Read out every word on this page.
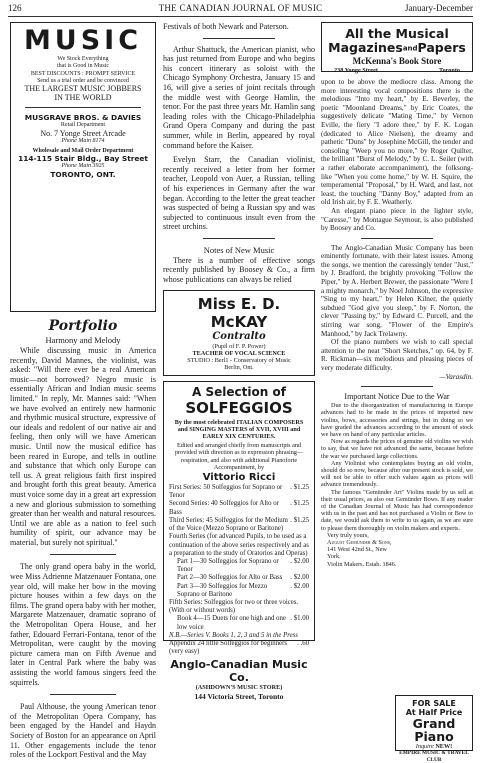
126	THE CANADIAN JOURNAL OF MUSIC	January-December
MUSIC
We Stock Everything
that is Good in Music
BEST DISCOUNTS : PROMPT SERVICE
Send us a trial order and be convinced
THE LARGEST MUSIC JOBBERS
IN THE WORLD
MUSGRAVE BROS. & DAVIES
Retail Department
No. 7 Yonge Street Arcade
Phone Main 8174
Wholesale and Mail Order Department
114-115 Stair Bldg., Bay Street
Phone Main 3925
TORONTO, ONT.
Portfolio
Harmony and Melody

While discussing music in America recently, David Mannes, the violinist, was asked: "Will there ever be a real American music—not borrowed? Negro music is essentially African and Indian music seems limited." In reply, Mr. Mannes said: "When we have evolved an entirely new harmonic and rhythmic musical structure, expressive of our ideals and redolent of our native air and feeling, then only will we have American music. Until now the musical edifice has been reared in Europe, and tells in outline and substance that which only Europe can tell us. A great religious faith first inspired and brought forth this great beauty. America must voice some day in a great art expression a new and glorious submission to something greater than her wealth and natural resources. Until we are able as a nation to feel such humility of spirit, our advance may be material, but surely not spiritual."

The only grand opera baby in the world, wee Miss Adrienne Matzenauer Fontana, one year old, will make her bow in the moving picture houses within a few days on the films. The grand opera baby with her mother, Margarete Matzenauer, dramatic soprano of the Metropolitan Opera House, and her father, Edouard Ferrari-Fontana, tenor of the Metropolitan, were caught by the moving picture camera man on Fifth Avenue and later in Central Park where the baby was assisting the world famous singers feed the squirrels.

Paul Althouse, the young American tenor of the Metropolitan Opera Company, has been engaged by the Handel and Haydn Society of Boston for an appearance on April 11. Other engagements include the tenor roles of the Lockport Festival and the May

Festivals of both Newark and Paterson.

Arthur Shattuck, the American pianist, who has just returned from Europe and who begins his concert itinerary as soloist with the Chicago Symphony Orchestra, January 15 and 16, will give a series of joint recitals through the middle west with George Hamlin, the tenor. For the past three years Mr. Hamlin sang leading roles with the Chicago-Philadelphia Grand Opera Company and during the past summer, while in Berlin, appeared by royal command before the Kaiser.

Evelyn Starr, the Canadian violinist, recently received a letter from her former teacher, Leopold von Auer, a Russian, telling of his experiences in Germany after the war began. According to the letter the great teacher was suspected of being a Russian spy and was subjected to continuous insult even from the street urchins.

Notes of New Music

There is a number of effective songs recently published by Boosey & Co., a firm whose publications can always be relied

Miss E. D. McKAY
Contralto
(Pupil of F. P. Power)
TEACHER OF VOCAL SCIENCE
STUDIO : Berl1 - Conservatory of Music
Berlin, Ont.
A Selection of
SOLFEGGIOS
By the most celebrated ITALIAN COMPOSERS and SINGING MASTERS of XVII, XVIII and EARLY XIX CENTURIES.
Edited and arranged chiefly from manuscripts and provided with direction as to expression phrasing—respiration, and also with additional Pianoforte Accompaniment, by
Vittorio Ricci
First Series: 50 Solfeggios for Soprano or Tenor
. $1.25
Second Series: 40 Solfeggios for Alto or Bass
. $1.25
Third Series: 45 Solfeggios for the Medium of the Voice (Mezzo Soprano or Baritone)
. $1.25
Fourth Series (for advanced Pupils, to be used as a continuation of the above series respectively and as a preparation to the study of Oratorios and Operas)
Part 1—30 Solfeggios for Soprano or Tenor
. $2.00
Part 2—30 Solfeggios for Alto or Bass . $2.00
Part 3—30 Solfeggios for Mezzo Soprano or Baritone
. $2.00
Fifth Series: Solfeggios for two or three voices. (With or without words)
Book 4—15 Duets for one high and one low voice
. $1.00
N.B.—Series V. Books 1, 2, 3 and 5 in the Press
Appendix 24 little Solfeggios for beginners (very easy)
. .60
Anglo-Canadian Music Co.
(ASHDOWN'S MUSIC STORE)
144 Victoria Street, Toronto
All the Musical
MagazinesandPapers
McKenna's Book Store
238 Yonge Street	Toronto

upon to be above the mediocre class. Among the more interesting vocal compositions there is the melodious "Into my heart," by E. Beverley, the poetic "Moonland Dreams," by Eric Coates, the suggestively delicate "Mating Time," by Vernon Eville, the fiery "I adore thee," by F. K. Logan (dedicated to Alice Nielsen), the dreamy and pathetic "Duns" by Josephine McGill, the tender and consoling "Weep you no more," by Roger Quilter, the brilliant "Burst of Melody," by C. L. Seiler (with a rather elaborate accompaniment), the folksong-like "When you come home," by W. H. Squire, the temperamental "Proposal," by H. Ward, and last, not least, the touching "Danny Boy," adapted from an old Irish air, by F. E. Weatherly.

An elegant piano piece in the lighter style, "Caresse," by Montague Seymour, is also published by Boosey and Co.

The Anglo-Canadian Music Company has been eminently fortunate, with their latest issues. Among the songs, we mention the caressingly tender "Just," by J. Bradford, the brightly provoking "Follow the Piper," by A. Herbert Brewer, the passionate "Were I a mighty monarch," by Noel Johnson, the expressive "Sing to my heart," by Helen Kilner, the quietly subdued "God give you sleep," by F. Norton, the clever "Passing by," by Edward C. Purcell, and the stirring war song, "Flower of the Empire's Manhood," by Jack Trelawny.

Of the piano numbers we wish to call special attention to the neat "Short Sketches," op. 64, by F. R. Rickman—six melodious and pleasing pieces of very moderate difficulty.

—Varasdin.
Important Notice Due to the War

Due to the disorganization of manufacturing in Europe advances had to be made in the prices of imported new violins, bows, accessories and strings, but in doing so we have graded the advances according to the amount of stock we have on hand of any particular articles.

Now as regards the prices of genuine old violins we wish to say, that we have not advanced the same, because before the war we purchased large collections.

Any Violinist who contemplates buying an old violin, should do so now, because after our present stock is sold, we will not be able to offer such values again as prices will advance tremendously.

The famous "Gemünder Art" Violins made by us sell at their usual prices, as also our Gemünder Bows. If any reader of the Canadian Journal of Music has had correspondence with us in the past and has not purchased a Violin or Bow to date, we would ask them to write to us again, as we are sure to please them thoroughly on violin makers and experts.

Very truly yours,
August Gemünder & Sons,
141 West 42nd St., New York.
Violin Makers. Estab. 1846.
FOR SALE
At Half Price
Grand Piano
Inquire NEW!
EMPIRE MUSIC & TRAVEL CLUB
